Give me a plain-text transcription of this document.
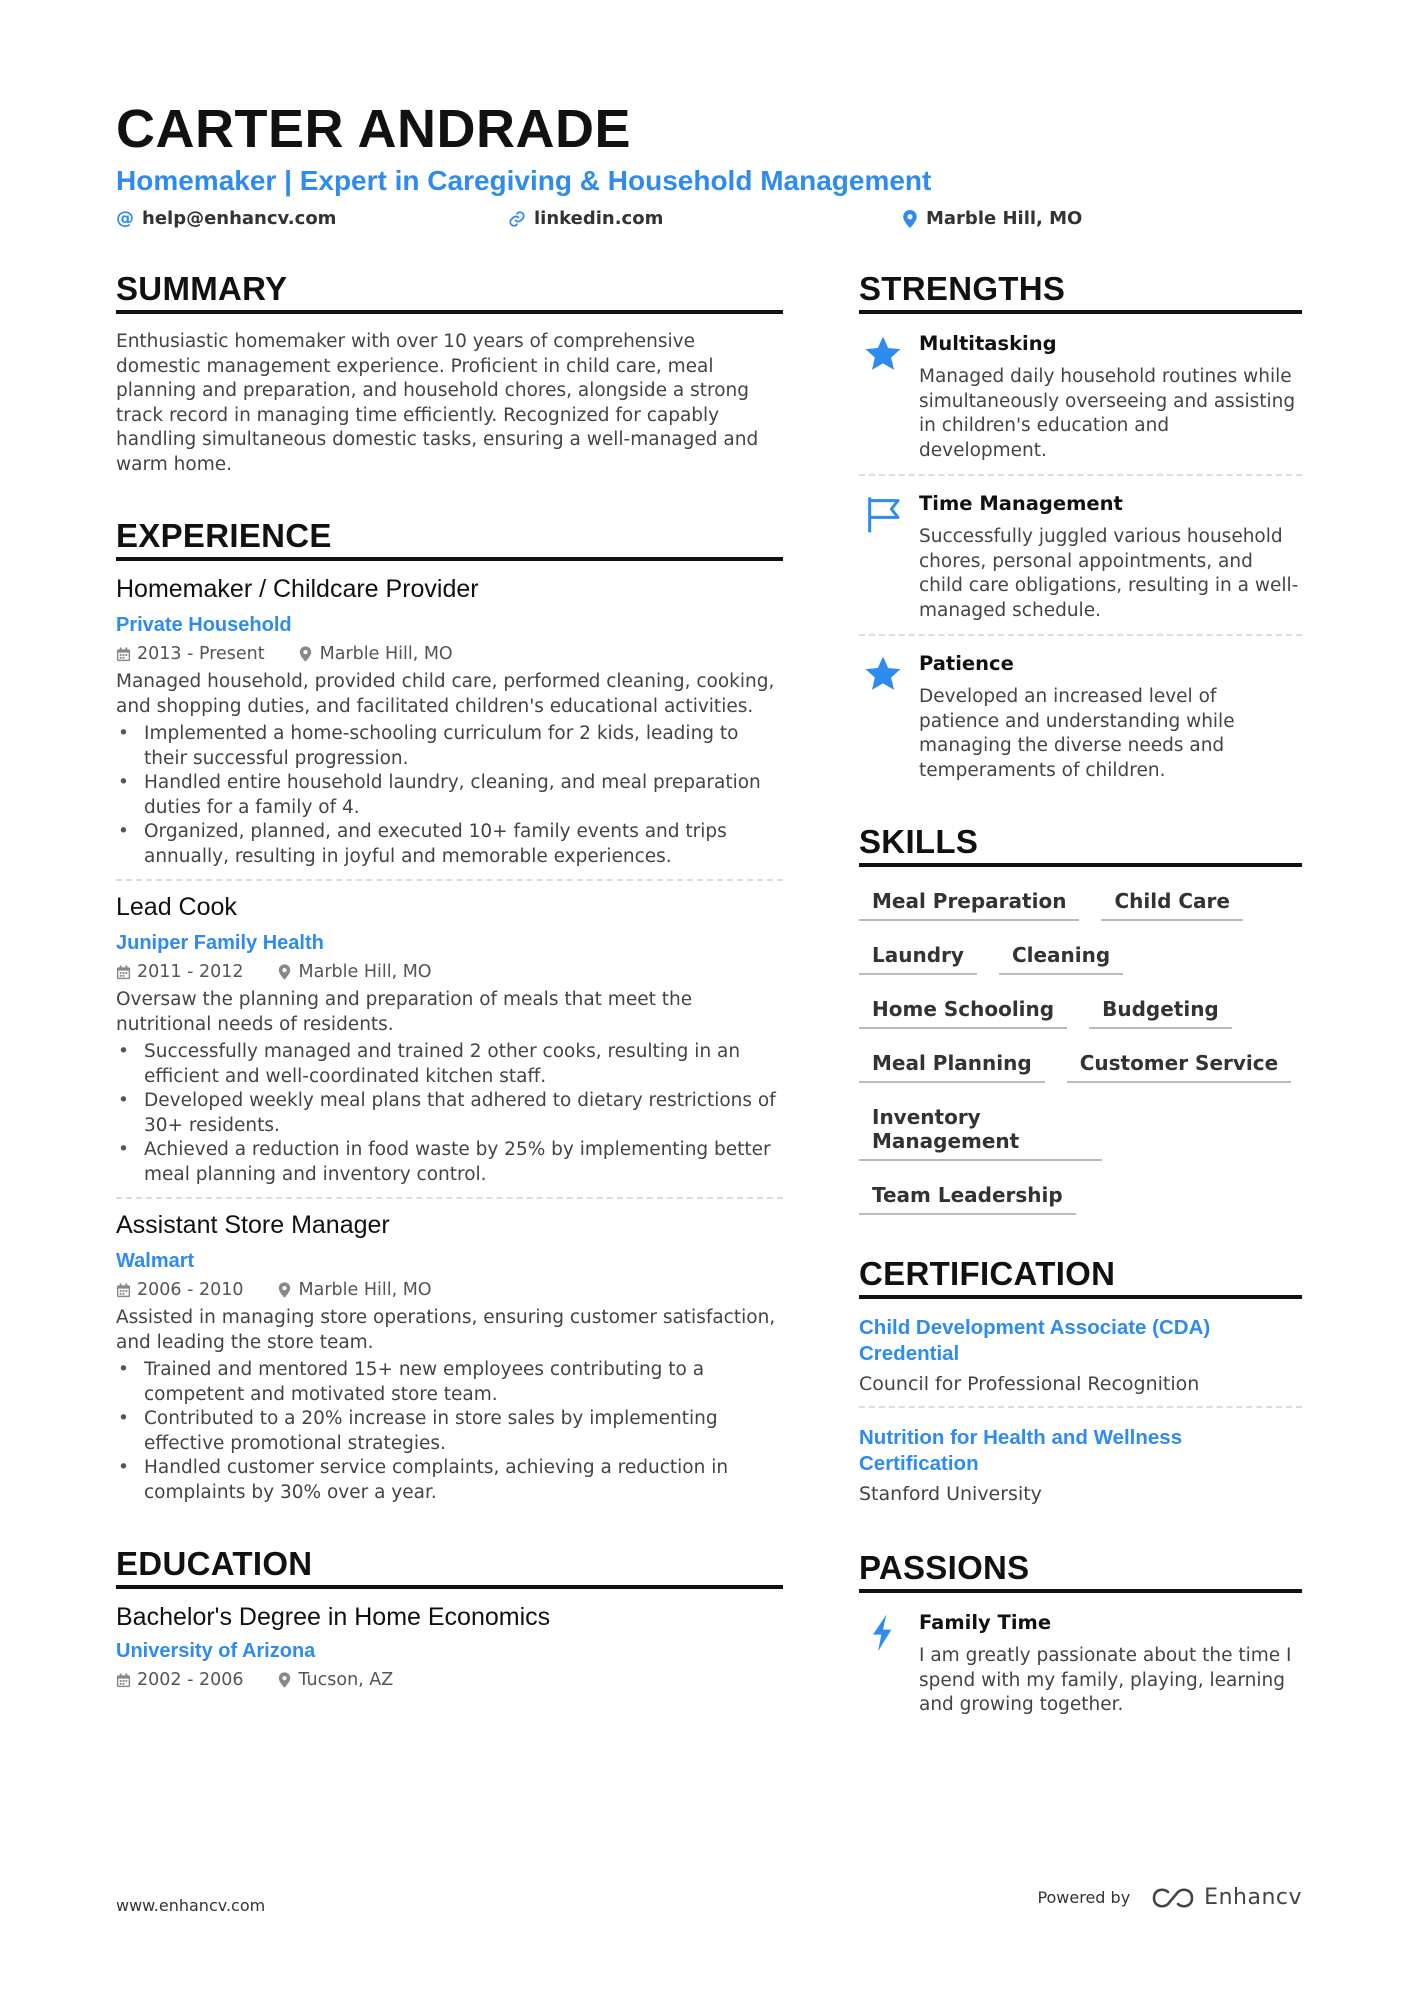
CARTER ANDRADE
Homemaker | Expert in Caregiving & Household Management
@ help@enhancv.com	linkedin.com	Marble Hill, MO
SUMMARY

Enthusiastic homemaker with over 10 years of comprehensive domestic management experience. Proficient in child care, meal planning and preparation, and household chores, alongside a strong track record in managing time efficiently. Recognized for capably handling simultaneous domestic tasks, ensuring a well-managed and warm home.

EXPERIENCE
Homemaker / Childcare Provider
Private Household
2013 - Present	Marble Hill, MO

Managed household, provided child care, performed cleaning, cooking, and shopping duties, and facilitated children's educational activities.

• Implemented a home-schooling curriculum for 2 kids, leading to their successful progression.
• Handled entire household laundry, cleaning, and meal preparation duties for a family of 4.
• Organized, planned, and executed 10+ family events and trips annually, resulting in joyful and memorable experiences.
Lead Cook
Juniper Family Health
2011 - 2012	Marble Hill, MO

Oversaw the planning and preparation of meals that meet the nutritional needs of residents.

• Successfully managed and trained 2 other cooks, resulting in an efficient and well-coordinated kitchen staff.
• Developed weekly meal plans that adhered to dietary restrictions of 30+ residents.
• Achieved a reduction in food waste by 25% by implementing better meal planning and inventory control.
Assistant Store Manager
Walmart
2006 - 2010	Marble Hill, MO

Assisted in managing store operations, ensuring customer satisfaction, and leading the store team.

• Trained and mentored 15+ new employees contributing to a competent and motivated store team.
• Contributed to a 20% increase in store sales by implementing effective promotional strategies.
• Handled customer service complaints, achieving a reduction in complaints by 30% over a year.
EDUCATION
Bachelor's Degree in Home Economics
University of Arizona
2002 - 2006	Tucson, AZ
STRENGTHS
Multitasking

Managed daily household routines while simultaneously overseeing and assisting in children's education and development.

Time Management

Successfully juggled various household chores, personal appointments, and child care obligations, resulting in a well-managed schedule.

Patience

Developed an increased level of patience and understanding while managing the diverse needs and temperaments of children.

SKILLS
Meal Preparation	Child Care
Laundry	Cleaning
Home Schooling	Budgeting
Meal Planning	Customer Service
Inventory Management
Team Leadership
CERTIFICATION
Child Development Associate (CDA) Credential
Council for Professional Recognition
Nutrition for Health and Wellness Certification
Stanford University
PASSIONS
Family Time

I am greatly passionate about the time I spend with my family, playing, learning and growing together.

www.enhancv.com	Powered by	Enhancv
